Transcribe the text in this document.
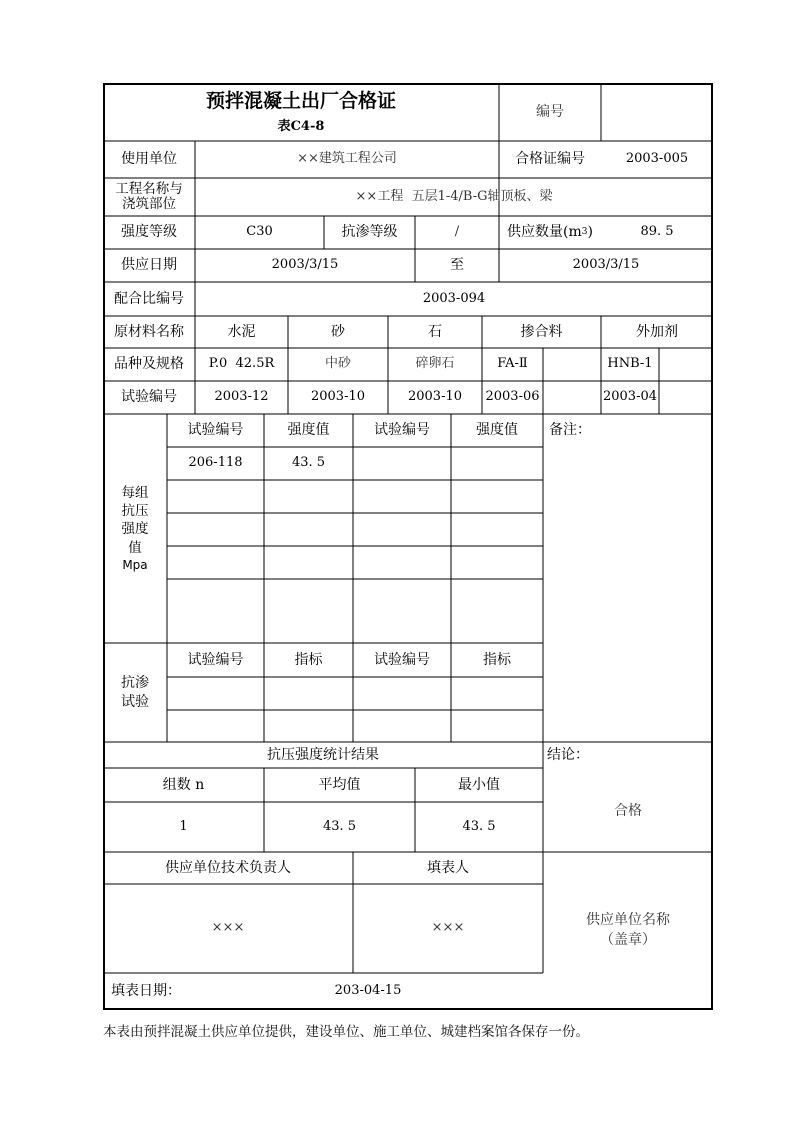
预拌混凝土出厂合格证
表C4-8
编号
使用单位	××建筑工程公司	合格证编号	2003-005
工程名称与
浇筑部位	××工程  五层1-4/B-G轴顶板、梁
强度等级	C30	抗渗等级	/	供应数量(m 3 )	89. 5
供应日期	2003/3/15	至	2003/3/15
配合比编号	2003-094
原材料名称	水泥	砂	石	掺合料	外加剂
品种及规格	P.0  42.5R	中砂	碎卵石	FA-Ⅱ	HNB-1
试验编号	2003-12	2003-10	2003-10	2003-06	2003-04
每组
抗压
强度
值
Mpa
试验编号	强度值	试验编号	强度值	备注：
206-118	43. 5
抗渗
试验
试验编号	指标	试验编号	指标
抗压强度统计结果	结论：
组数 n	平均值	最小值
1	43. 5	43. 5
合格
供应单位技术负责人	填表人
×××	×××	供应单位名称
（盖章）
填表日期：	203-04-15
本表由预拌混凝土供应单位提供，建设单位、施工单位、城建档案馆各保存一份。
